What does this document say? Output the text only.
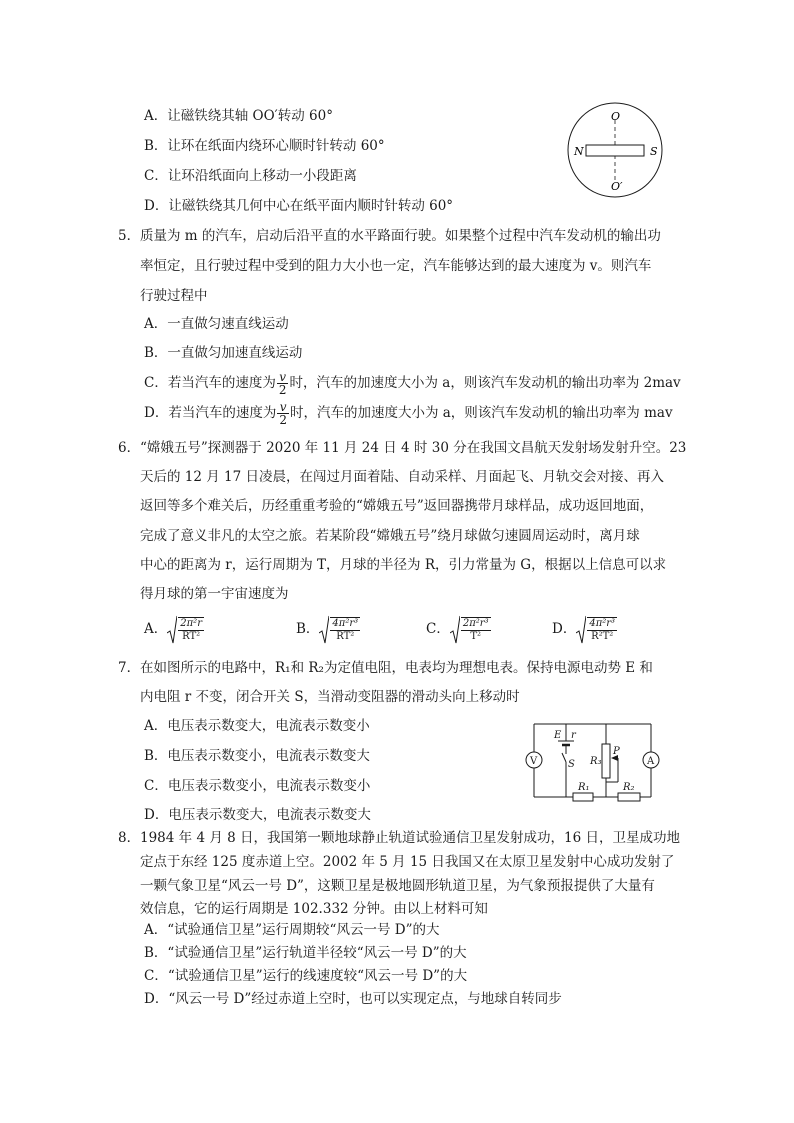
A．让磁铁绕其轴 OO′转动 60°
B．让环在纸面内绕环心顺时针转动 60°
C．让环沿纸面向上移动一小段距离
D．让磁铁绕其几何中心在纸平面内顺时针转动 60°
O
O′
N	S
5． 质量为 m 的汽车，启动后沿平直的水平路面行驶。如果整个过程中汽车发动机的输出功
率恒定，且行驶过程中受到的阻力大小也一定，汽车能够达到的最大速度为 v。则汽车
行驶过程中
A．一直做匀速直线运动
B．一直做匀加速直线运动
C．若当汽车的速度为 $\frac{v}{2}$ 时，汽车的加速度大小为 a，则该汽车发动机的输出功率为 2mav
D．若当汽车的速度为 $\frac{v}{2}$ 时，汽车的加速度大小为 a，则该汽车发动机的输出功率为 mav
6． “嫦娥五号”探测器于 2020 年 11 月 24 日 4 时 30 分在我国文昌航天发射场发射升空。23
天后的 12 月 17 日凌晨，在闯过月面着陆、自动采样、月面起飞、月轨交会对接、再入
返回等多个难关后，历经重重考验的“嫦娥五号”返回器携带月球样品，成功返回地面，
完成了意义非凡的太空之旅。若某阶段“嫦娥五号”绕月球做匀速圆周运动时，离月球
中心的距离为 r，运行周期为 T，月球的半径为 R，引力常量为 G，根据以上信息可以求
得月球的第一宇宙速度为
A． $\frac{\text{2π²r}}{\text{RT²}}$	B． $\frac{\text{4π²r³}}{\text{RT²}}$	C． $\frac{\text{2π²r³}}{\text{T²}}$	D． $\frac{\text{4π²r³}}{\text{R²T²}}$
7． 在如图所示的电路中，R₁和 R₂为定值电阻，电表均为理想电表。保持电源电动势 E 和
内电阻 r 不变，闭合开关 S，当滑动变阻器的滑动头向上移动时
A．电压表示数变大，电流表示数变小
B．电压表示数变小，电流表示数变大
C．电压表示数变小，电流表示数变小
D．电压表示数变大，电流表示数变大
V	A
E r
S R₃
P
R₁	R₂
8． 1984 年 4 月 8 日，我国第一颗地球静止轨道试验通信卫星发射成功，16 日，卫星成功地
定点于东经 125 度赤道上空。2002 年 5 月 15 日我国又在太原卫星发射中心成功发射了
一颗气象卫星“风云一号 D”，这颗卫星是极地圆形轨道卫星，为气象预报提供了大量有
效信息，它的运行周期是 102.332 分钟。由以上材料可知
A．“试验通信卫星”运行周期较“风云一号 D”的大
B．“试验通信卫星”运行轨道半径较“风云一号 D”的大
C．“试验通信卫星”运行的线速度较“风云一号 D”的大
D．“风云一号 D”经过赤道上空时，也可以实现定点，与地球自转同步
